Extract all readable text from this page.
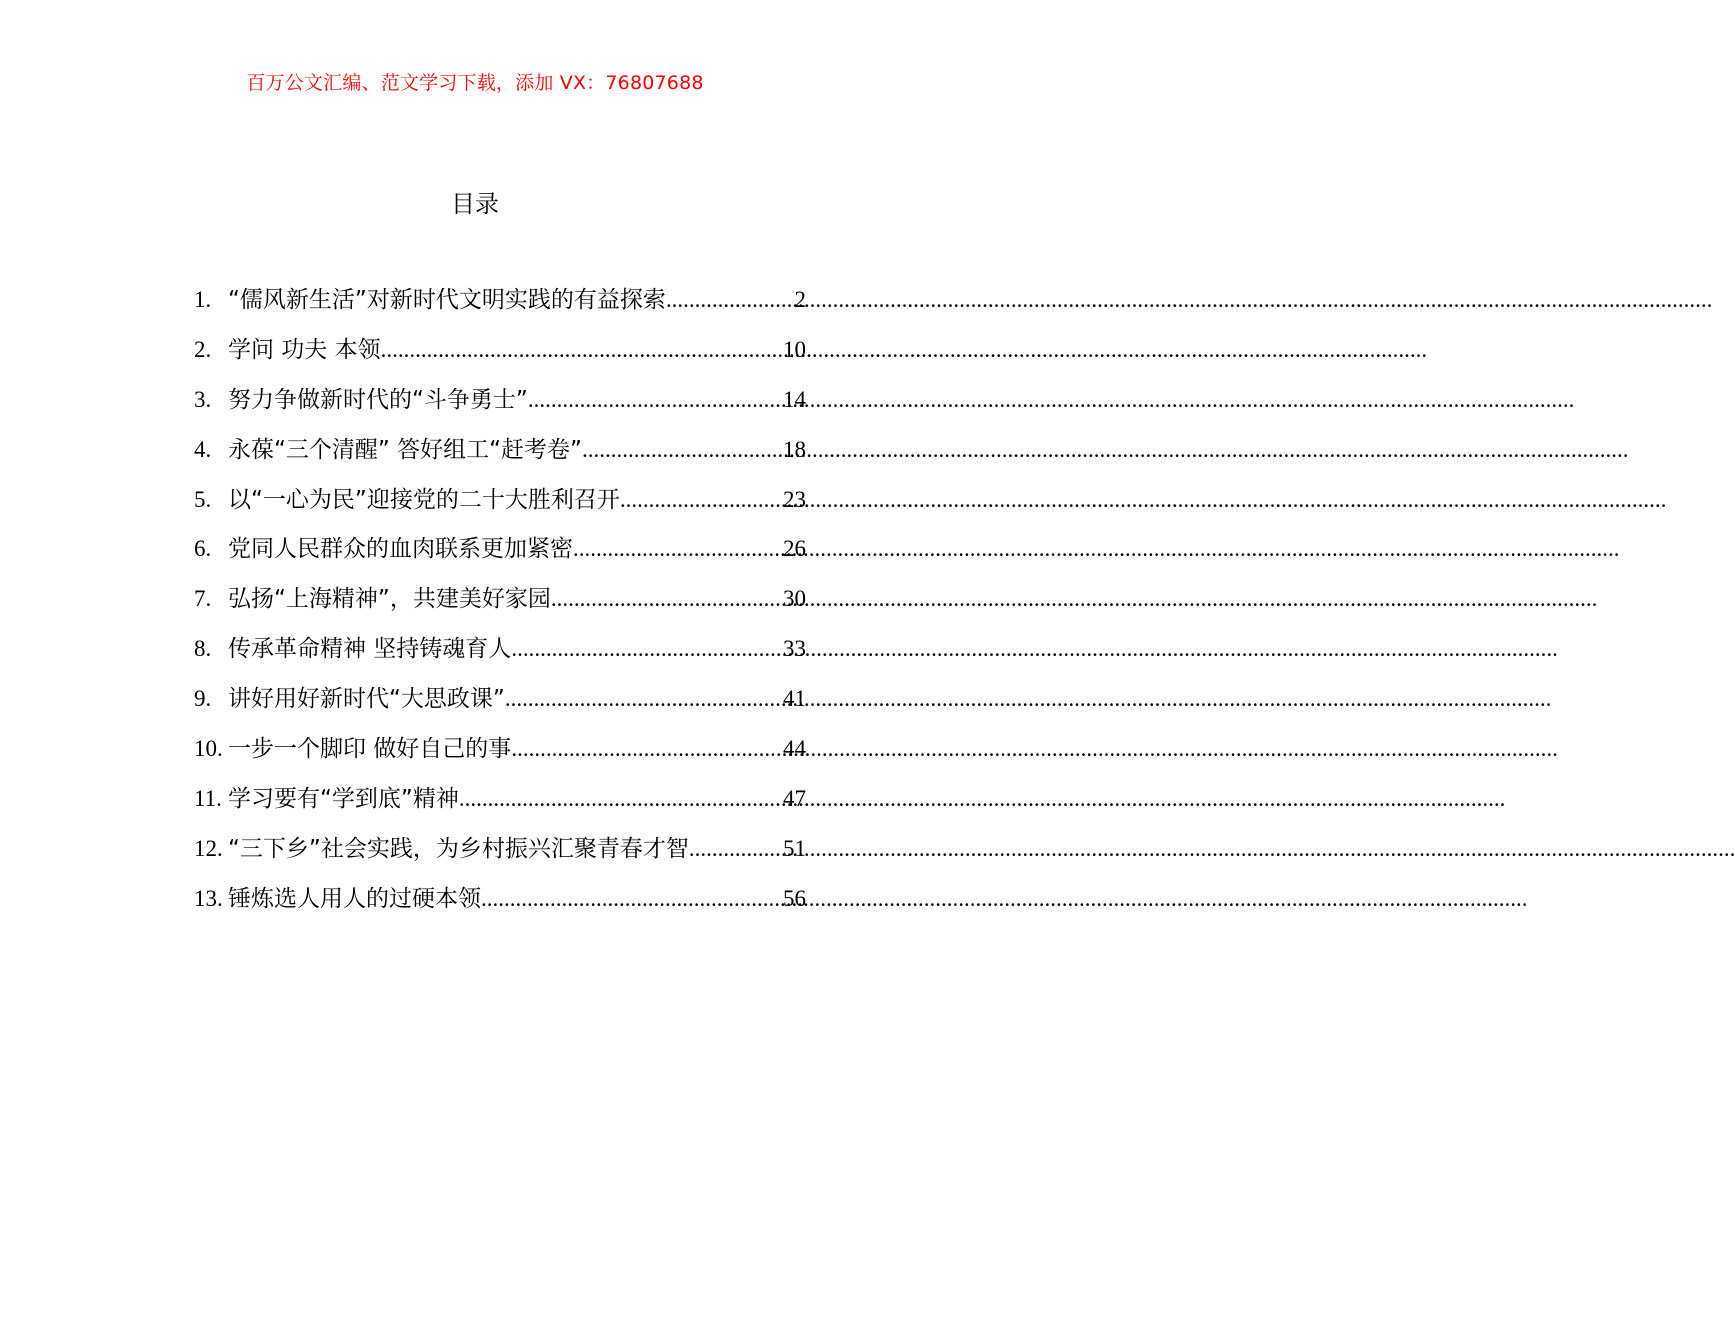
百万公文汇编、范文学习下载，添加 VX：76807688
目录
1. “儒风新生活”对新时代文明实践的有益探索 .....	2
2. 学问 功夫 本领 .....	10
3. 努力争做新时代的“斗争勇士” .....	14
4. 永葆“三个清醒” 答好组工“赶考卷” .....	18
5. 以“一心为民”迎接党的二十大胜利召开 .....	23
6. 党同人民群众的血肉联系更加紧密 .....	26
7. 弘扬“上海精神”，共建美好家园 .....	30
8. 传承革命精神 坚持铸魂育人 .....	33
9. 讲好用好新时代“大思政课” .....	41
10. 一步一个脚印 做好自己的事 .....	44
11. 学习要有“学到底”精神 .....	47
12. “三下乡”社会实践，为乡村振兴汇聚青春才智 .....	51
13. 锤炼选人用人的过硬本领 .....	56
